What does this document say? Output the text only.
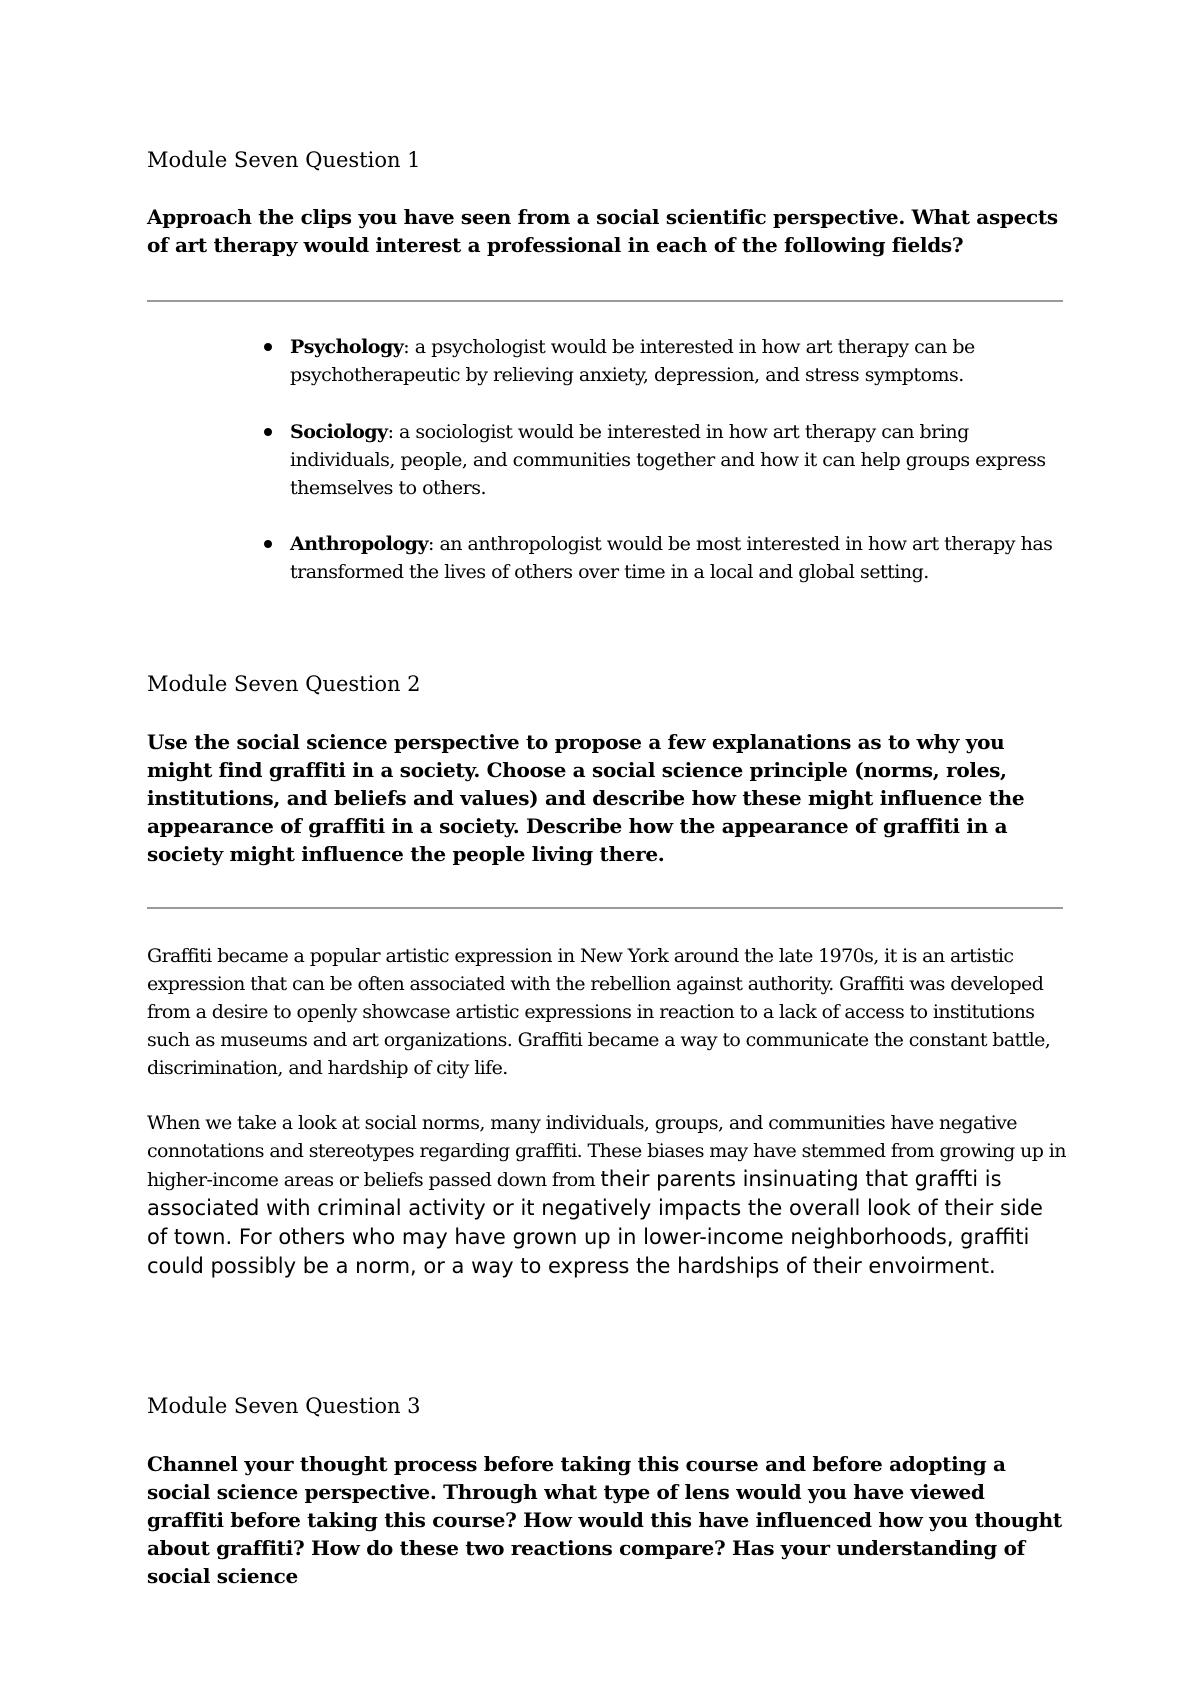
Module Seven Question 1
Approach the clips you have seen from a social scientific perspective. What aspects of art therapy would interest a professional in each of the following fields?
Psychology: a psychologist would be interested in how art therapy can be psychotherapeutic by relieving anxiety, depression, and stress symptoms.
Sociology: a sociologist would be interested in how art therapy can bring individuals, people, and communities together and how it can help groups express themselves to others.
Anthropology: an anthropologist would be most interested in how art therapy has transformed the lives of others over time in a local and global setting.
Module Seven Question 2
Use the social science perspective to propose a few explanations as to why you might find graffiti in a society. Choose a social science principle (norms, roles, institutions, and beliefs and values) and describe how these might influence the appearance of graffiti in a society. Describe how the appearance of graffiti in a society might influence the people living there.
Graffiti became a popular artistic expression in New York around the late 1970s, it is an artistic expression that can be often associated with the rebellion against authority. Graffiti was developed from a desire to openly showcase artistic expressions in reaction to a lack of access to institutions such as museums and art organizations. Graffiti became a way to communicate the constant battle, discrimination, and hardship of city life.
When we take a look at social norms, many individuals, groups, and communities have negative connotations and stereotypes regarding graffiti. These biases may have stemmed from growing up in higher-income areas or beliefs passed down from their parents insinuating that graffti is associated with criminal activity or it negatively impacts the overall look of their side of town. For others who may have grown up in lower-income neighborhoods, graffiti could possibly be a norm, or a way to express the hardships of their envoirment.
Module Seven Question 3
Channel your thought process before taking this course and before adopting a social science perspective. Through what type of lens would you have viewed graffiti before taking this course? How would this have influenced how you thought about graffiti? How do these two reactions compare? Has your understanding of social science
